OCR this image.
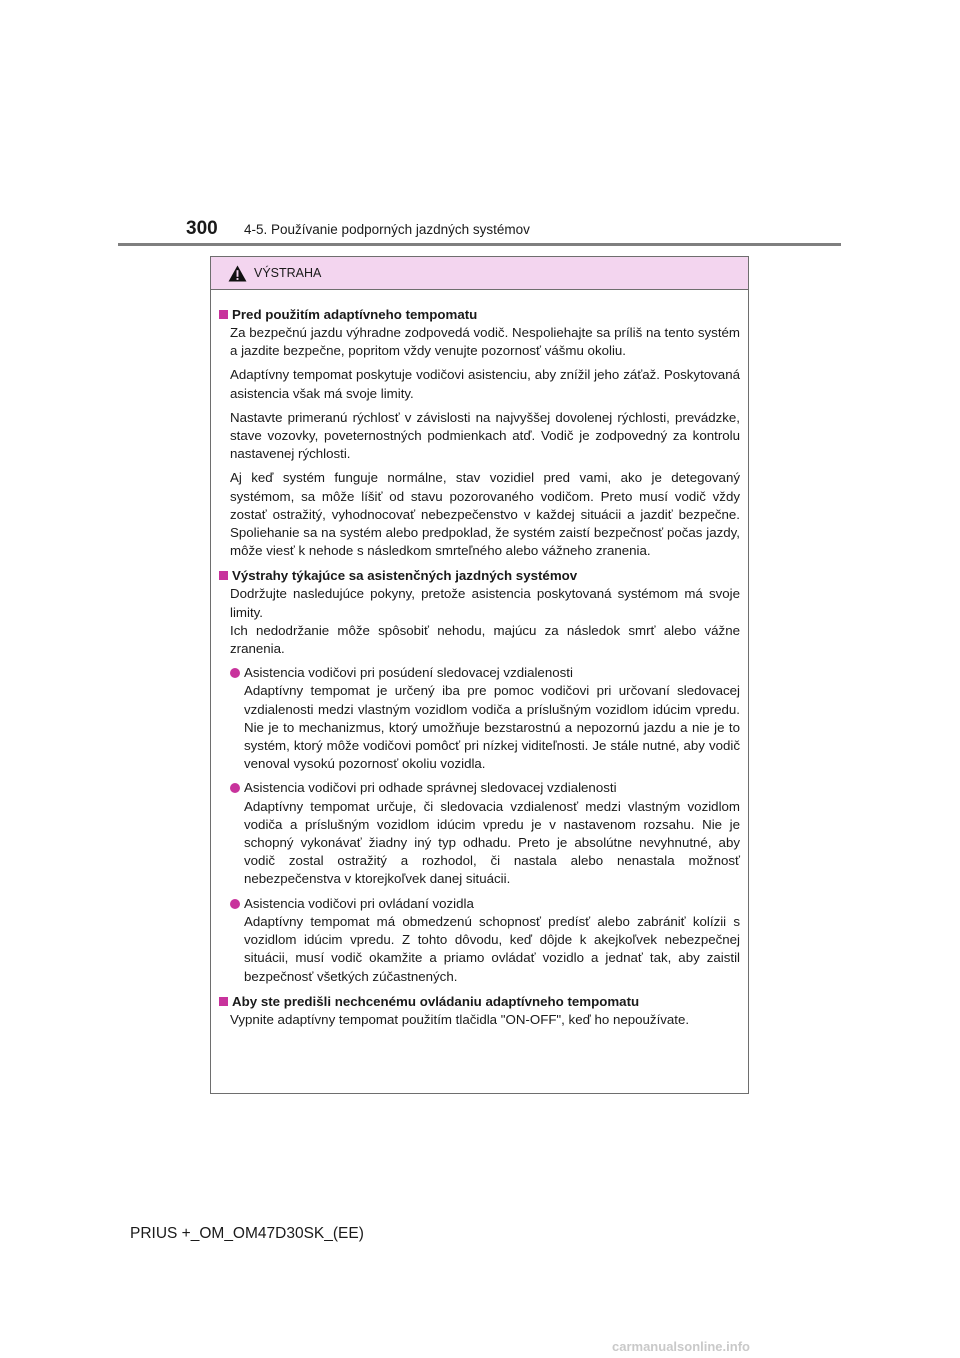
300 4-5. Používanie podporných jazdných systémov
VÝSTRAHA
Pred použitím adaptívneho tempomatu

Za bezpečnú jazdu výhradne zodpovedá vodič. Nespoliehajte sa príliš na tento systém a jazdite bezpečne, popritom vždy venujte pozornosť vášmu okoliu.

Adaptívny tempomat poskytuje vodičovi asistenciu, aby znížil jeho záťaž. Poskytovaná asistencia však má svoje limity.

Nastavte primeranú rýchlosť v závislosti na najvyššej dovolenej rýchlosti, prevádzke, stave vozovky, poveternostných podmienkach atď. Vodič je zodpovedný za kontrolu nastavenej rýchlosti.

Aj keď systém funguje normálne, stav vozidiel pred vami, ako je detegovaný systémom, sa môže líšiť od stavu pozorovaného vodičom. Preto musí vodič vždy zostať ostražitý, vyhodnocovať nebezpečenstvo v každej situácii a jazdiť bezpečne. Spoliehanie sa na systém alebo predpoklad, že systém zaistí bezpečnosť počas jazdy, môže viesť k nehode s následkom smrteľného alebo vážneho zranenia.

Výstrahy týkajúce sa asistenčných jazdných systémov

Dodržujte nasledujúce pokyny, pretože asistencia poskytovaná systémom má svoje limity.

Ich nedodržanie môže spôsobiť nehodu, majúcu za následok smrť alebo vážne zranenia.

Asistencia vodičovi pri posúdení sledovacej vzdialenosti
Adaptívny tempomat je určený iba pre pomoc vodičovi pri určovaní sledovacej vzdialenosti medzi vlastným vozidlom vodiča a príslušným vozidlom idúcim vpredu. Nie je to mechanizmus, ktorý umožňuje bezstarostnú a nepozornú jazdu a nie je to systém, ktorý môže vodičovi pomôcť pri nízkej viditeľnosti. Je stále nutné, aby vodič venoval vysokú pozornosť okoliu vozidla.
Asistencia vodičovi pri odhade správnej sledovacej vzdialenosti
Adaptívny tempomat určuje, či sledovacia vzdialenosť medzi vlastným vozidlom vodiča a príslušným vozidlom idúcim vpredu je v nastavenom rozsahu. Nie je schopný vykonávať žiadny iný typ odhadu. Preto je absolútne nevyhnutné, aby vodič zostal ostražitý a rozhodol, či nastala alebo nenastala možnosť nebezpečenstva v ktorejkoľvek danej situácii.
Asistencia vodičovi pri ovládaní vozidla
Adaptívny tempomat má obmedzenú schopnosť predísť alebo zabrániť kolízii s vozidlom idúcim vpredu. Z tohto dôvodu, keď dôjde k akejkoľvek nebezpečnej situácii, musí vodič okamžite a priamo ovládať vozidlo a jednať tak, aby zaistil bezpečnosť všetkých zúčastnených.
Aby ste predišli nechcenému ovládaniu adaptívneho tempomatu

Vypnite adaptívny tempomat použitím tlačidla "ON-OFF", keď ho nepoužívate.

PRIUS +_OM_OM47D30SK_(EE)
carmanualsonline.info
